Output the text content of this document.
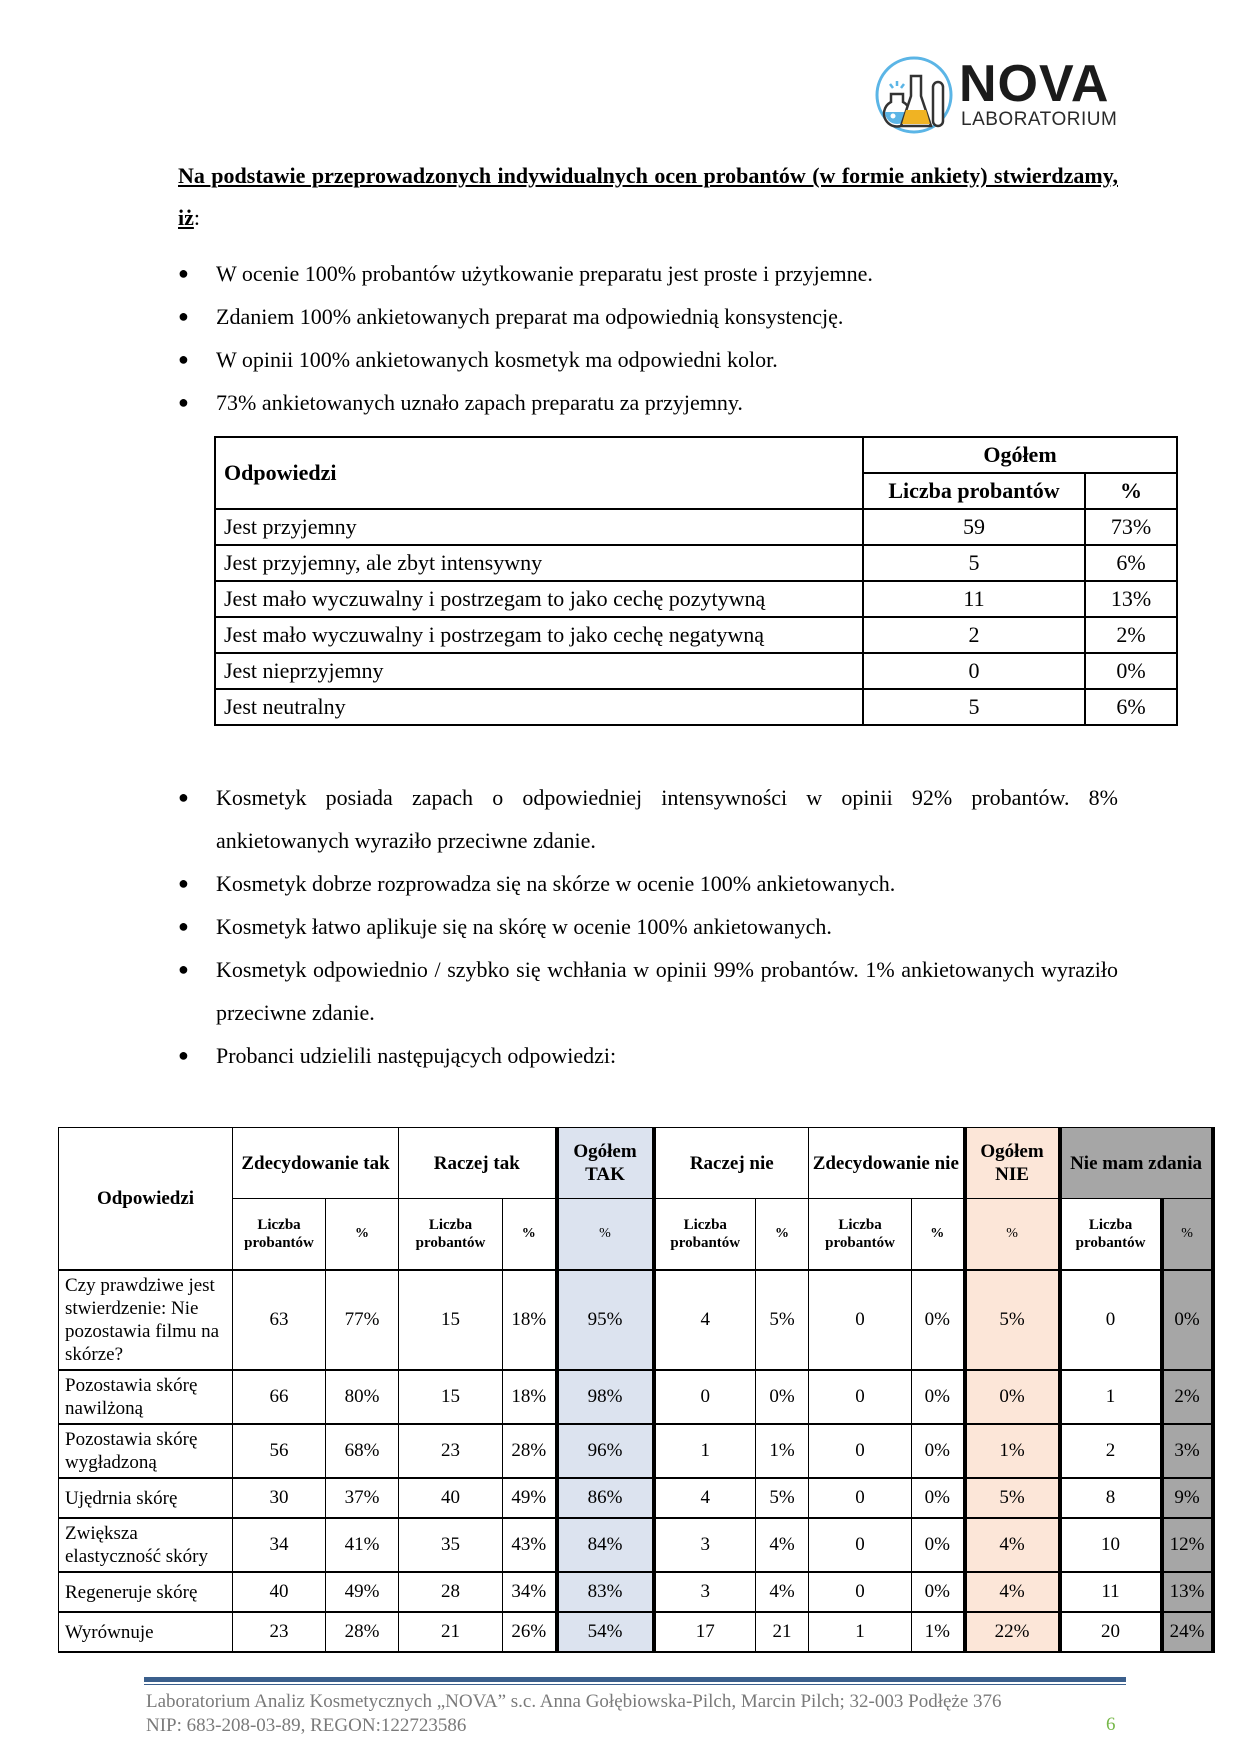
NOVA
LABORATORIUM
Na podstawie przeprowadzonych indywidualnych ocen probantów (w formie ankiety) stwierdzamy, iż:
● W ocenie 100% probantów użytkowanie preparatu jest proste i przyjemne.
● Zdaniem 100% ankietowanych preparat ma odpowiednią konsystencję.
● W opinii 100% ankietowanych kosmetyk ma odpowiedni kolor.
● 73% ankietowanych uznało zapach preparatu za przyjemny.
Odpowiedzi	Ogółem	
	Liczba probantów	%
Jest przyjemny	59	73%
Jest przyjemny, ale zbyt intensywny	5	6%
Jest mało wyczuwalny i postrzegam to jako cechę pozytywną	11	13%
Jest mało wyczuwalny i postrzegam to jako cechę negatywną	2	2%
Jest nieprzyjemny	0	0%
Jest neutralny	5	6%
● Kosmetyk posiada zapach o odpowiedniej intensywności w opinii 92% probantów. 8% ankietowanych wyraziło przeciwne zdanie.
● Kosmetyk dobrze rozprowadza się na skórze w ocenie 100% ankietowanych.
● Kosmetyk łatwo aplikuje się na skórę w ocenie 100% ankietowanych.
● Kosmetyk odpowiednio / szybko się wchłania w opinii 99% probantów. 1% ankietowanych wyraziło przeciwne zdanie.
● Probanci udzielili następujących odpowiedzi:
Odpowiedzi	Zdecydowanie tak		Raczej tak		Ogółem TAK	Raczej nie		Zdecydowanie nie		Ogółem NIE	Nie mam zdania	
	Liczba probantów	%	Liczba probantów	%	%	Liczba probantów	%	Liczba probantów	%	%	Liczba probantów	%
Czy prawdziwe jest stwierdzenie: Nie pozostawia filmu na skórze?	63	77%	15	18%	95%	4	5%	0	0%	5%	0	0%
Pozostawia skórę nawilżoną	66	80%	15	18%	98%	0	0%	0	0%	0%	1	2%
Pozostawia skórę wygładzoną	56	68%	23	28%	96%	1	1%	0	0%	1%	2	3%
Ujędrnia skórę	30	37%	40	49%	86%	4	5%	0	0%	5%	8	9%
Zwiększa elastyczność skóry	34	41%	35	43%	84%	3	4%	0	0%	4%	10	12%
Regeneruje skórę	40	49%	28	34%	83%	3	4%	0	0%	4%	11	13%
Wyrównuje	23	28%	21	26%	54%	17	21	1	1%	22%	20	24%
Laboratorium Analiz Kosmetycznych „NOVA” s.c. Anna Gołębiowska-Pilch, Marcin Pilch; 32-003 Podłęże 376
NIP: 683-208-03-89, REGON:122723586	6
